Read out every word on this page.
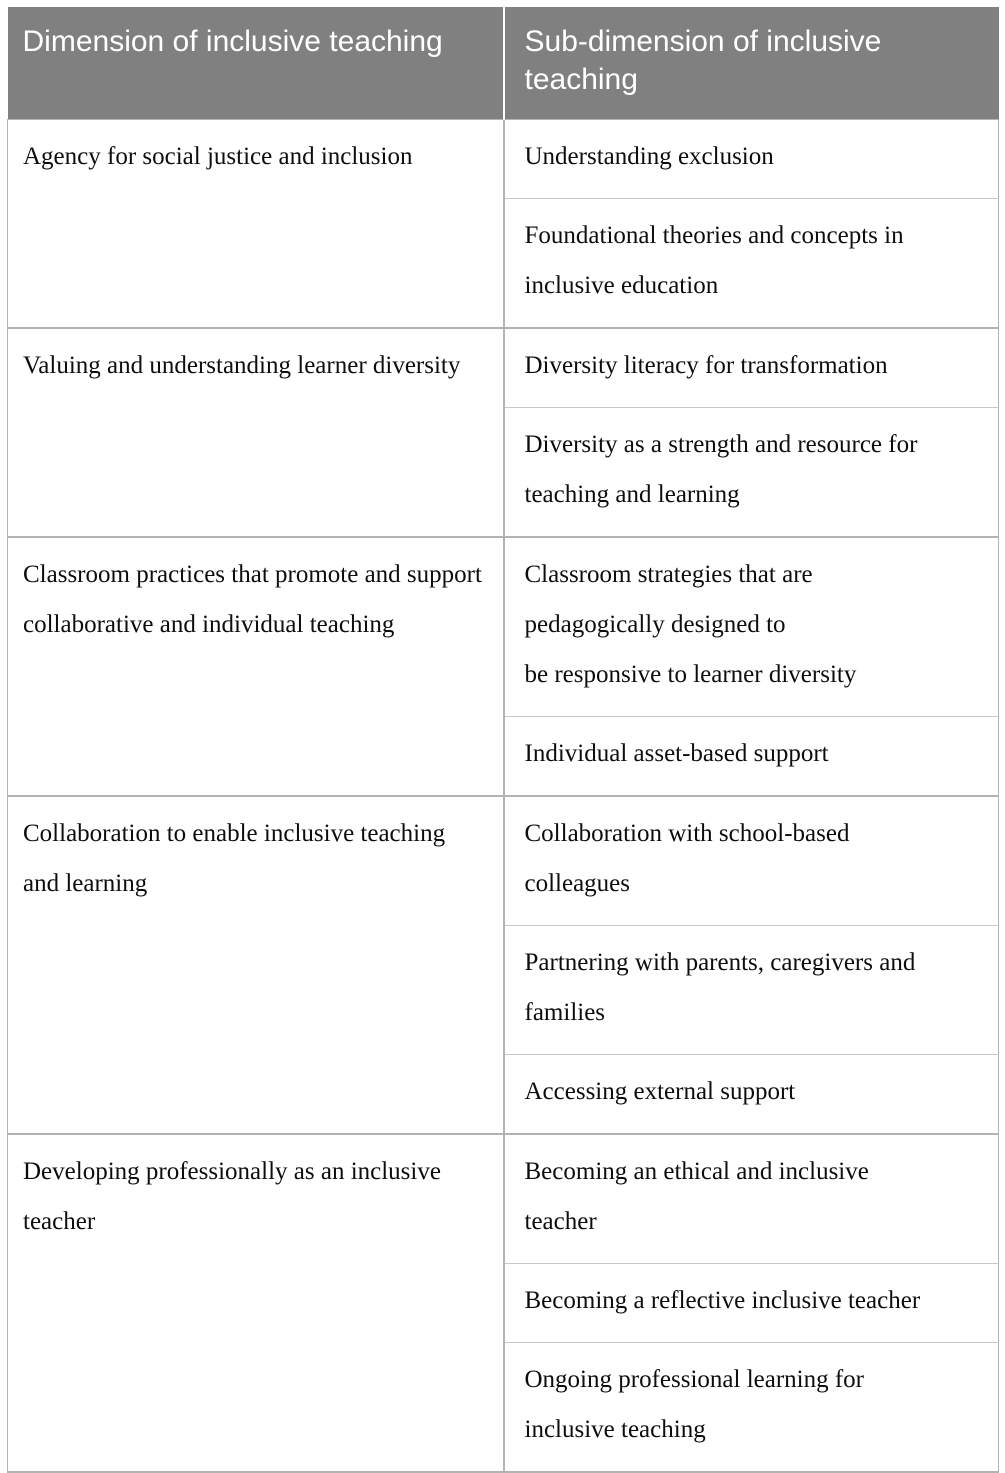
Dimension of inclusive teaching	Sub-dimension of inclusive teaching
Agency for social justice and inclusion	Understanding exclusion

	Foundational theories and concepts in
inclusive education

Valuing and understanding learner diversity	Diversity literacy for transformation

	Diversity as a strength and resource for
teaching and learning

Classroom practices that promote and support collaborative and individual teaching	Classroom strategies that are
pedagogically designed to
be responsive to learner diversity

	Individual asset-based support

Collaboration to enable inclusive teaching and learning	Collaboration with school-based
colleagues

	Partnering with parents, caregivers and
families

	Accessing external support

Developing professionally as an inclusive teacher	Becoming an ethical and inclusive
teacher

	Becoming a reflective inclusive teacher

	Ongoing professional learning for
inclusive teaching
